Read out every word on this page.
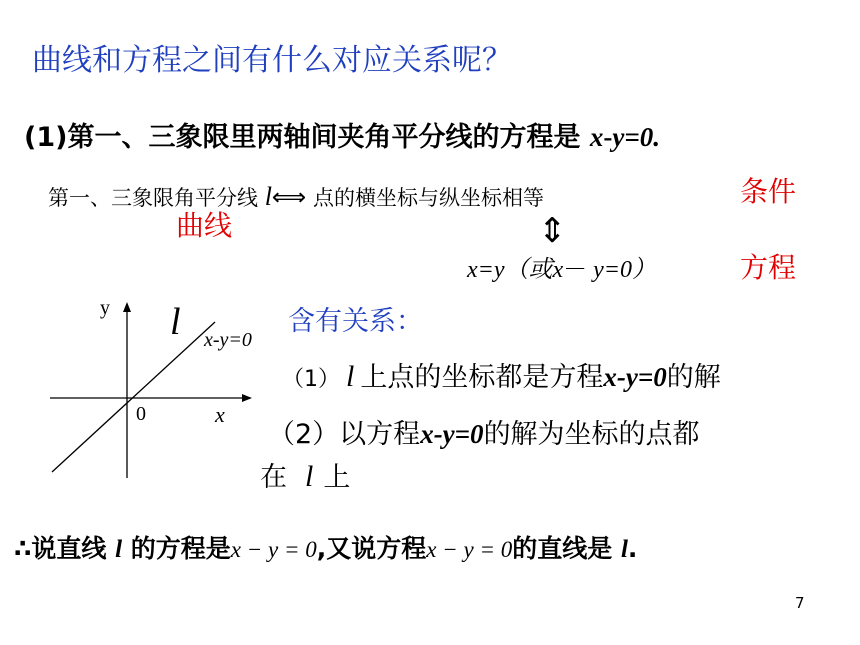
曲线和方程之间有什么对应关系呢？
(1)第一、三象限里两轴间夹角平分线的方程是 x-y=0.
第一、三象限角平分线 l⟺ 点的横坐标与纵坐标相等	条件
曲线	⇕
x=y（或x－ y=0）	方程
y l x-y=0
0	x
含有关系：
（1） l 上点的坐标都是方程x-y=0的解
（2）以方程x-y=0的解为坐标的点都
在 l 上
∴说直线 l 的方程是x − y = 0,又说方程x − y = 0的直线是 l.
7
